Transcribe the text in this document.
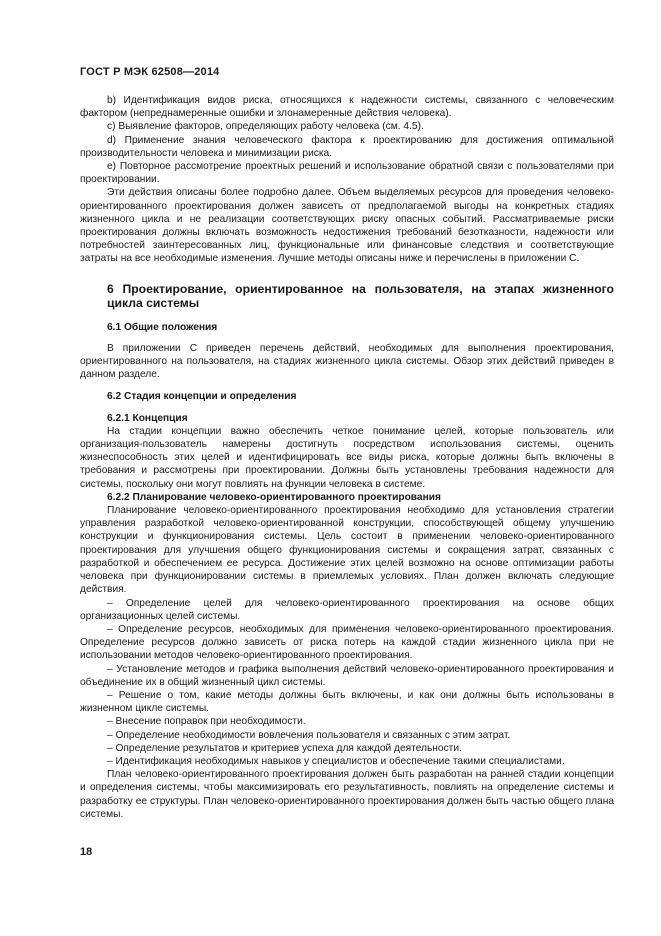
ГОСТ Р МЭК 62508—2014

b) Идентификация видов риска, относящихся к надежности системы, связанного с человеческим фактором (непреднамеренные ошибки и злонамеренные действия человека).

c) Выявление факторов, определяющих работу человека (см. 4.5).

d) Применение знания человеческого фактора к проектированию для достижения оптимальной производительности человека и минимизации риска.

e) Повторное рассмотрение проектных решений и использование обратной связи с пользователями при проектировании.

Эти действия описаны более подробно далее. Объем выделяемых ресурсов для проведения человеко-ориентированного проектирования должен зависеть от предполагаемой выгоды на конкретных стадиях жизненного цикла и не реализации соответствующих риску опасных событий. Рассматриваемые риски проектирования должны включать возможность недостижения требований безотказности, надежности или потребностей заинтересованных лиц, функциональные или финансовые следствия и соответствующие затраты на все необходимые изменения. Лучшие методы описаны ниже и перечислены в приложении С.

6 Проектирование, ориентированное на пользователя, на этапах жизненного цикла системы

6.1 Общие положения

В приложении С приведен перечень действий, необходимых для выполнения проектирования, ориентированного на пользователя, на стадиях жизненного цикла системы. Обзор этих действий приведен в данном разделе.

6.2 Стадия концепции и определения

6.2.1 Концепция

На стадии концепции важно обеспечить четкое понимание целей, которые пользователь или организация-пользователь намерены достигнуть посредством использования системы, оценить жизнеспособность этих целей и идентифицировать все виды риска, которые должны быть включены в требования и рассмотрены при проектировании. Должны быть установлены требования надежности для системы, поскольку они могут повлиять на функции человека в системе.

6.2.2 Планирование человеко-ориентированного проектирования

Планирование человеко-ориентированного проектирования необходимо для установления стратегии управления разработкой человеко-ориентированной конструкции, способствующей общему улучшению конструкции и функционирования системы. Цель состоит в применении человеко-ориентированного проектирования для улучшения общего функционирования системы и сокращения затрат, связанных с разработкой и обеспечением ее ресурса. Достижение этих целей возможно на основе оптимизации работы человека при функционировании системы в приемлемых условиях. План должен включать следующие действия.

– Определение целей для человеко-ориентированного проектирования на основе общих организационных целей системы.

– Определение ресурсов, необходимых для применения человеко-ориентированного проектирования. Определение ресурсов должно зависеть от риска потерь на каждой стадии жизненного цикла при не использовании методов человеко-ориентированного проектирования.

– Установление методов и графика выполнения действий человеко-ориентированного проектирования и объединение их в общий жизненный цикл системы.

– Решение о том, какие методы должны быть включены, и как они должны быть использованы в жизненном цикле системы.

– Внесение поправок при необходимости.

– Определение необходимости вовлечения пользователя и связанных с этим затрат.

– Определение результатов и критериев успеха для каждой деятельности.

– Идентификация необходимых навыков у специалистов и обеспечение такими специалистами.

План человеко-ориентированного проектирования должен быть разработан на ранней стадии концепции и определения системы, чтобы максимизировать его результативность, повлиять на определение системы и разработку ее структуры. План человеко-ориентированного проектирования должен быть частью общего плана системы.

18
